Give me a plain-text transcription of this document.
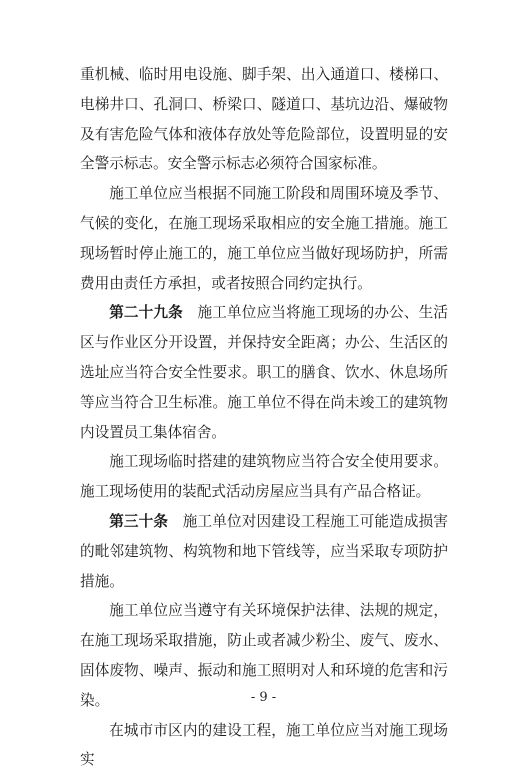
重机械、临时用电设施、脚手架、出入通道口、楼梯口、电梯井口、孔洞口、桥梁口、隧道口、基坑边沿、爆破物及有害危险气体和液体存放处等危险部位，设置明显的安全警示标志。安全警示标志必须符合国家标准。

施工单位应当根据不同施工阶段和周围环境及季节、气候的变化，在施工现场采取相应的安全施工措施。施工现场暂时停止施工的，施工单位应当做好现场防护，所需费用由责任方承担，或者按照合同约定执行。

第二十九条 施工单位应当将施工现场的办公、生活区与作业区分开设置，并保持安全距离；办公、生活区的选址应当符合安全性要求。职工的膳食、饮水、休息场所等应当符合卫生标准。施工单位不得在尚未竣工的建筑物内设置员工集体宿舍。

施工现场临时搭建的建筑物应当符合安全使用要求。施工现场使用的装配式活动房屋应当具有产品合格证。

第三十条 施工单位对因建设工程施工可能造成损害的毗邻建筑物、构筑物和地下管线等，应当采取专项防护措施。

施工单位应当遵守有关环境保护法律、法规的规定，在施工现场采取措施，防止或者减少粉尘、废气、废水、固体废物、噪声、振动和施工照明对人和环境的危害和污染。

在城市市区内的建设工程，施工单位应当对施工现场实

- 9 -
